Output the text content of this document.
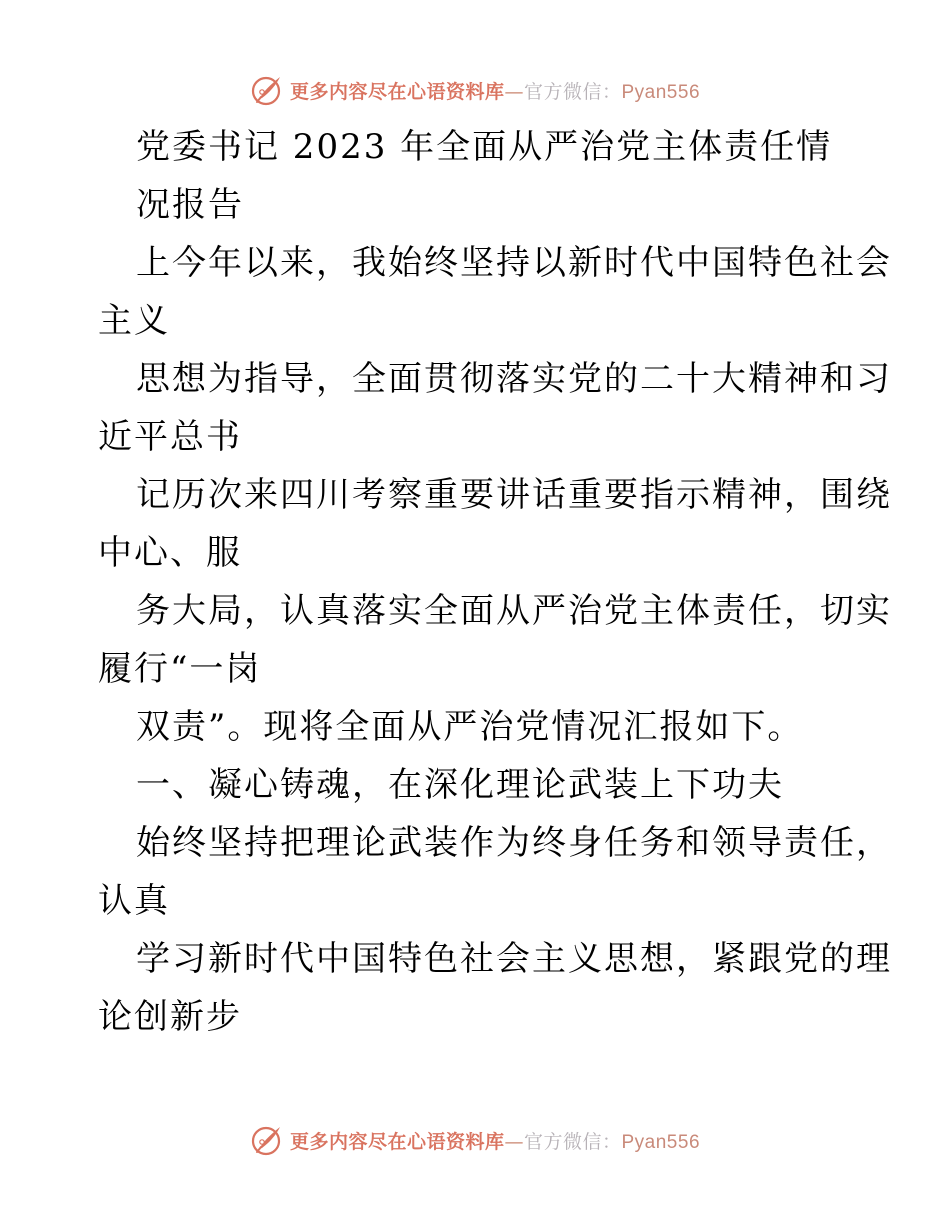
更多内容尽在心语资料库—官方微信：Pyan556
党委书记 2023 年全面从严治党主体责任情
况报告
上今年以来，我始终坚持以新时代中国特色社会
主义
思想为指导，全面贯彻落实党的二十大精神和习
近平总书
记历次来四川考察重要讲话重要指示精神，围绕
中心、服
务大局，认真落实全面从严治党主体责任，切实
履行“一岗
双责”。现将全面从严治党情况汇报如下。
一、凝心铸魂，在深化理论武装上下功夫
始终坚持把理论武装作为终身任务和领导责任，
认真
学习新时代中国特色社会主义思想，紧跟党的理
论创新步
更多内容尽在心语资料库—官方微信：Pyan556
